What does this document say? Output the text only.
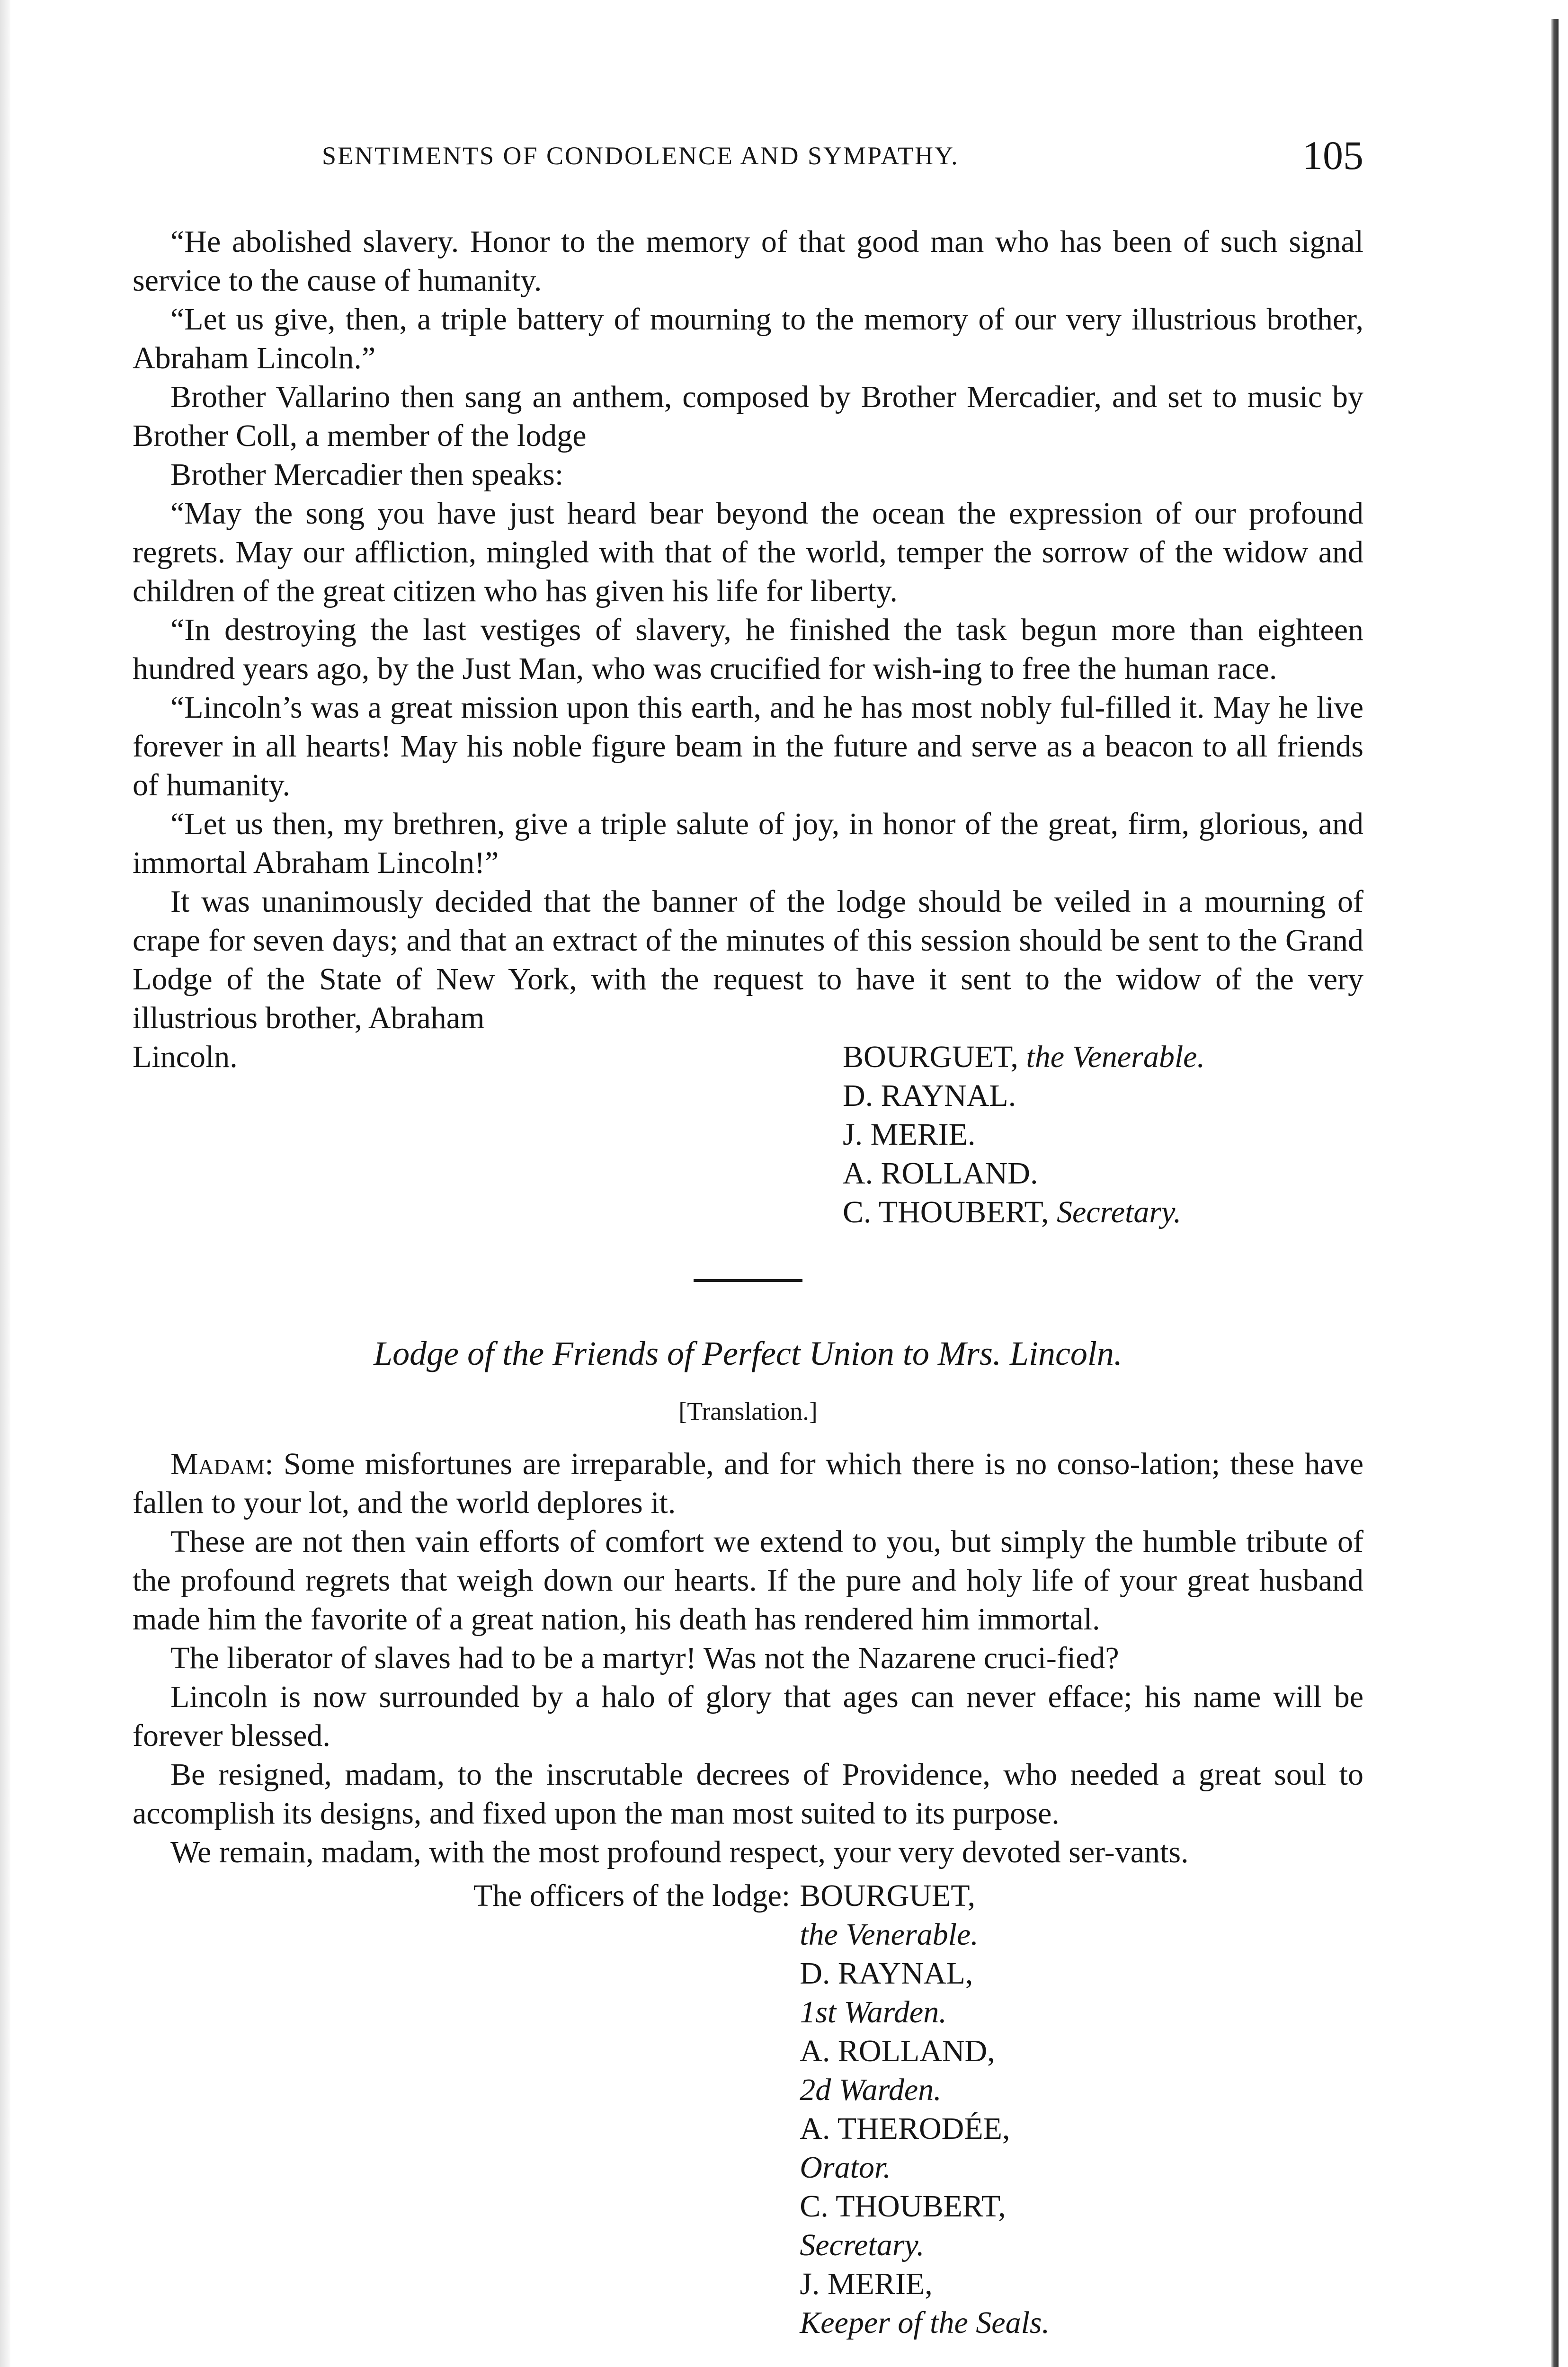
SENTIMENTS OF CONDOLENCE AND SYMPATHY.	105

“He abolished slavery. Honor to the memory of that good man who has been of such signal service to the cause of humanity.

“Let us give, then, a triple battery of mourning to the memory of our very illustrious brother, Abraham Lincoln.”

Brother Vallarino then sang an anthem, composed by Brother Mercadier, and set to music by Brother Coll, a member of the lodge

Brother Mercadier then speaks:

“May the song you have just heard bear beyond the ocean the expression of our profound regrets. May our affliction, mingled with that of the world, temper the sorrow of the widow and children of the great citizen who has given his life for liberty.

“In destroying the last vestiges of slavery, he finished the task begun more than eighteen hundred years ago, by the Just Man, who was crucified for wish-ing to free the human race.

“Lincoln’s was a great mission upon this earth, and he has most nobly ful-filled it. May he live forever in all hearts! May his noble figure beam in the future and serve as a beacon to all friends of humanity.

“Let us then, my brethren, give a triple salute of joy, in honor of the great, firm, glorious, and immortal Abraham Lincoln!”

It was unanimously decided that the banner of the lodge should be veiled in a mourning of crape for seven days; and that an extract of the minutes of this session should be sent to the Grand Lodge of the State of New York, with the request to have it sent to the widow of the very illustrious brother, Abraham

Lincoln.	BOURGUET, the Venerable.
D. RAYNAL.
J. MERIE.
A. ROLLAND.
C. THOUBERT, Secretary.
Lodge of the Friends of Perfect Union to Mrs. Lincoln.
[Translation.]

Madam: Some misfortunes are irreparable, and for which there is no conso-lation; these have fallen to your lot, and the world deplores it.

These are not then vain efforts of comfort we extend to you, but simply the humble tribute of the profound regrets that weigh down our hearts. If the pure and holy life of your great husband made him the favorite of a great nation, his death has rendered him immortal.

The liberator of slaves had to be a martyr! Was not the Nazarene cruci-fied?

Lincoln is now surrounded by a halo of glory that ages can never efface; his name will be forever blessed.

Be resigned, madam, to the inscrutable decrees of Providence, who needed a great soul to accomplish its designs, and fixed upon the man most suited to its purpose.

We remain, madam, with the most profound respect, your very devoted ser-vants.

The officers of the lodge: BOURGUET,
the Venerable.
D. RAYNAL,
1st Warden.
A. ROLLAND,
2d Warden.
A. THERODÉE,
Orator.
C. THOUBERT,
Secretary.
J. MERIE,
Keeper of the Seals.
